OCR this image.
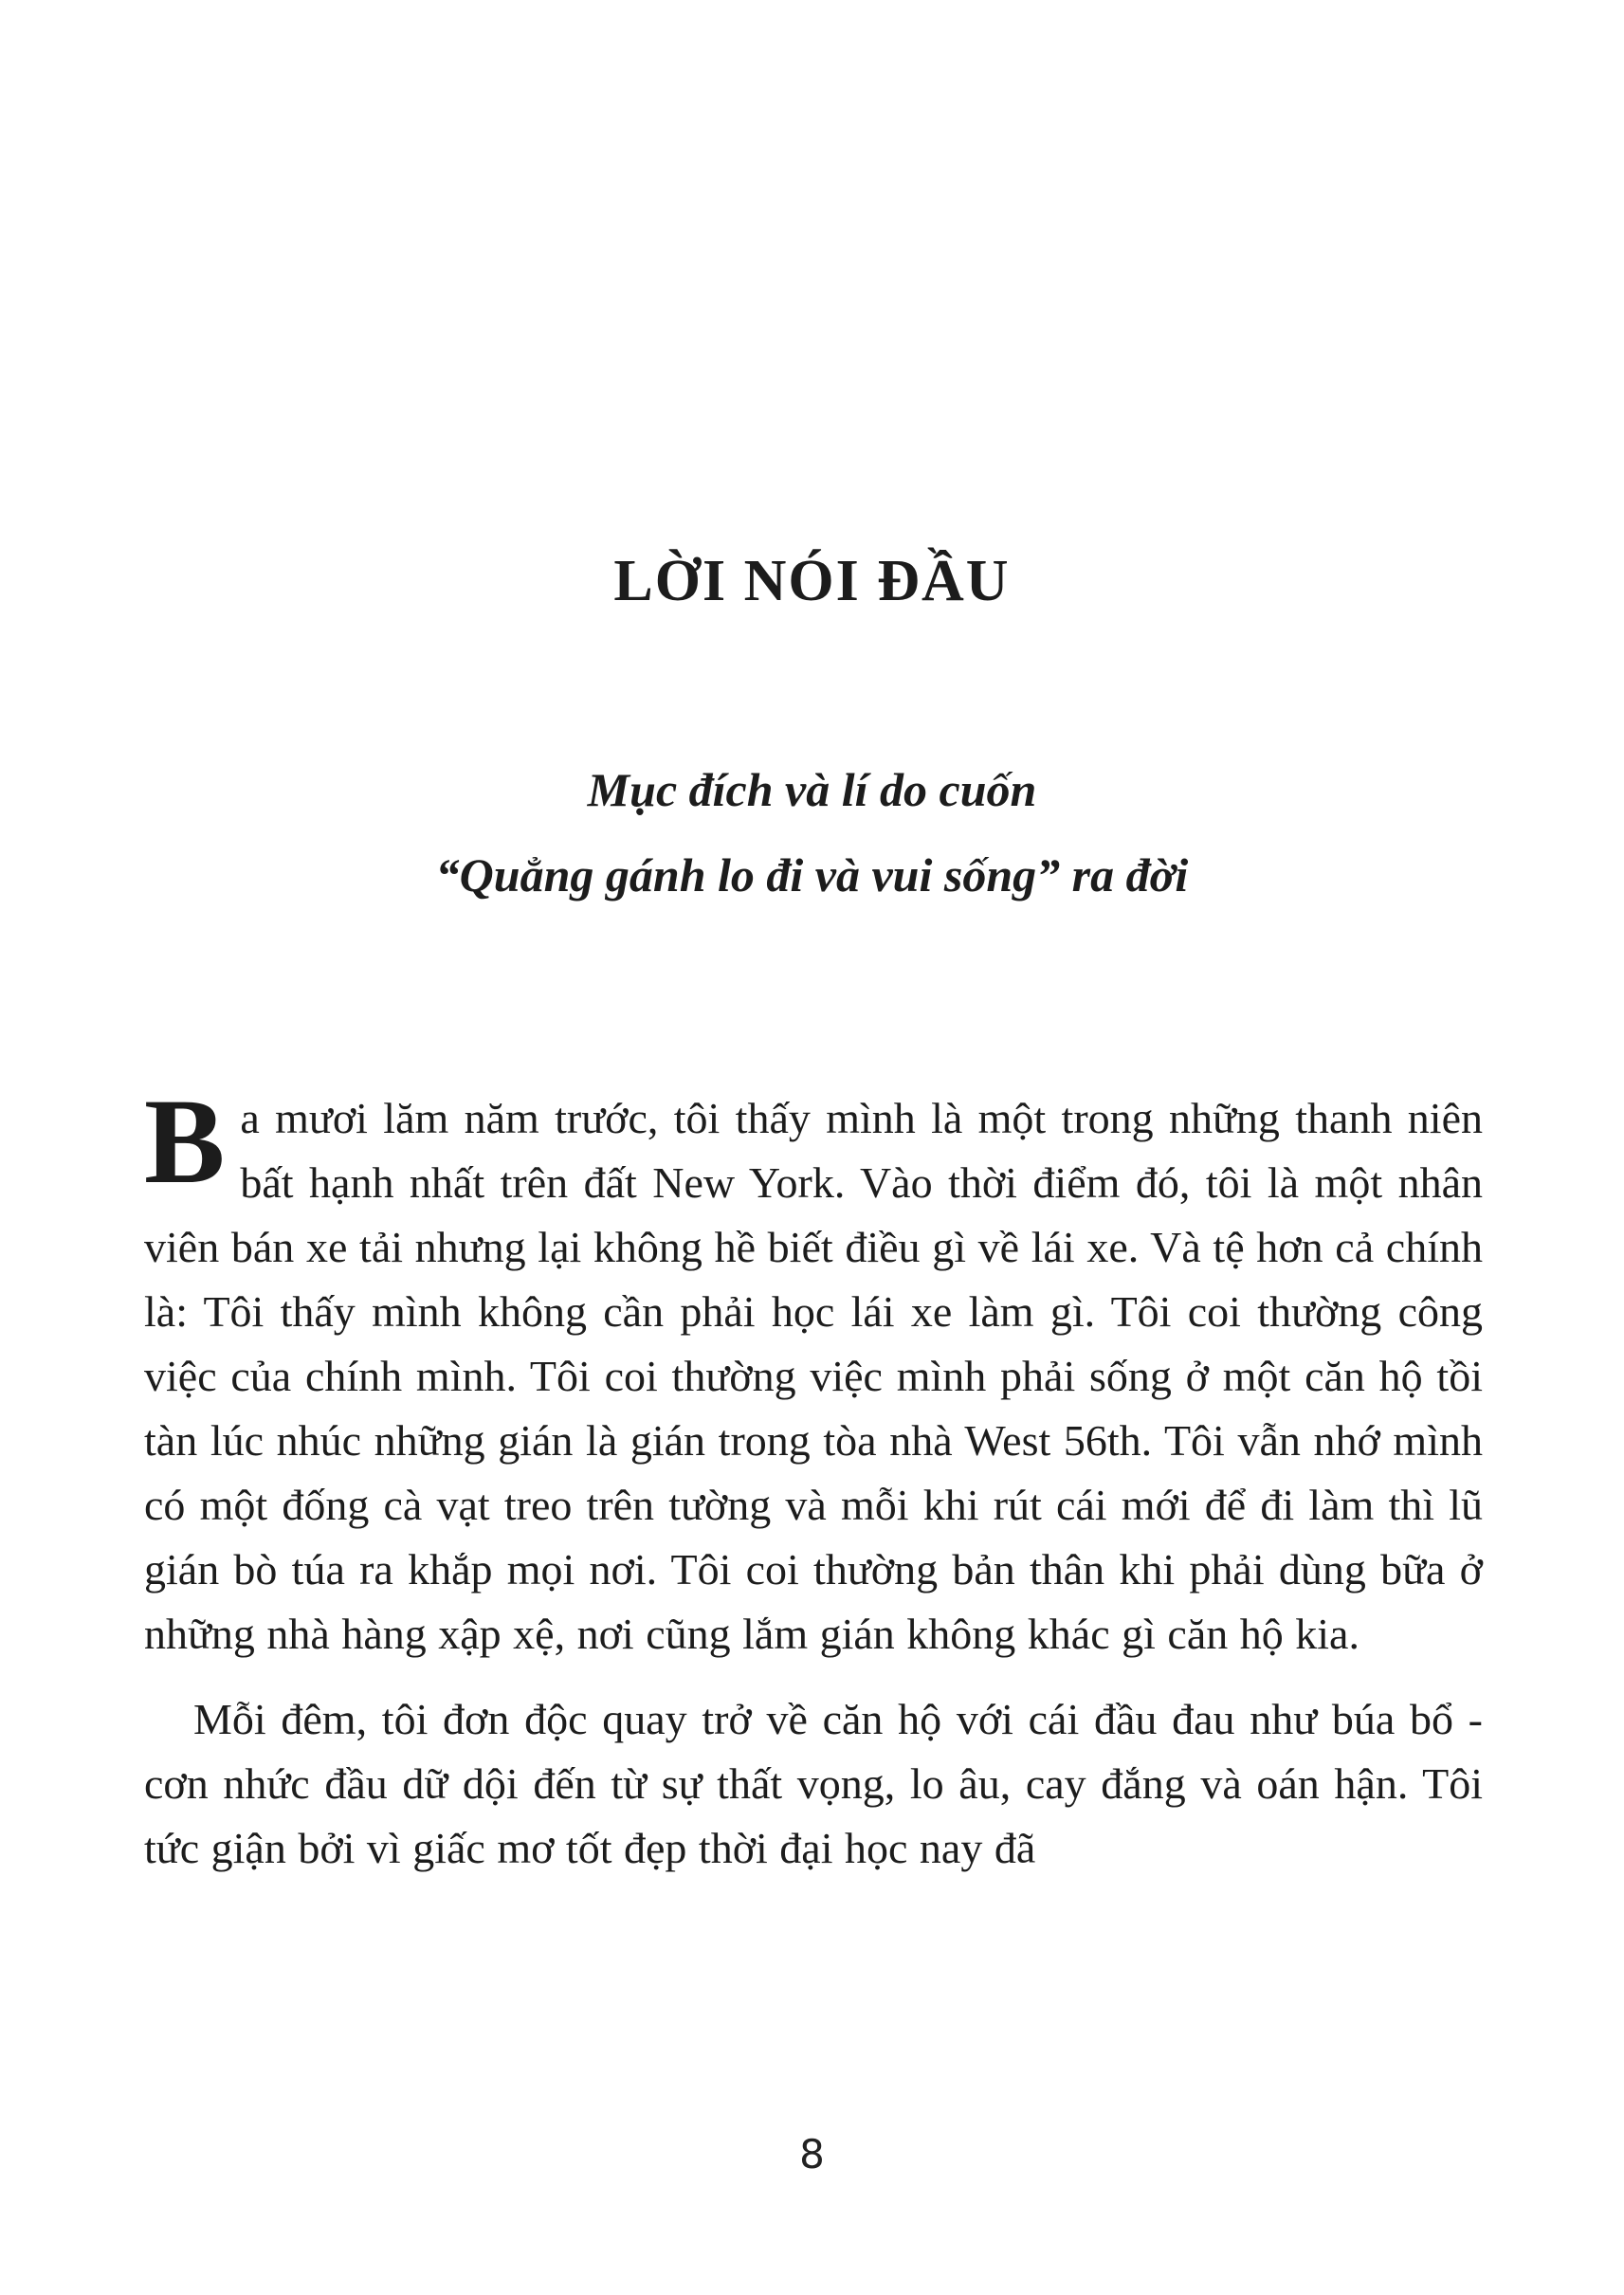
LỜI NÓI ĐẦU
Mục đích và lí do cuốn
“Quẳng gánh lo đi và vui sống” ra đời

Ba mươi lăm năm trước, tôi thấy mình là một trong những thanh niên bất hạnh nhất trên đất New York. Vào thời điểm đó, tôi là một nhân viên bán xe tải nhưng lại không hề biết điều gì về lái xe. Và tệ hơn cả chính là: Tôi thấy mình không cần phải học lái xe làm gì. Tôi coi thường công việc của chính mình. Tôi coi thường việc mình phải sống ở một căn hộ tồi tàn lúc nhúc những gián là gián trong tòa nhà West 56th. Tôi vẫn nhớ mình có một đống cà vạt treo trên tường và mỗi khi rút cái mới để đi làm thì lũ gián bò túa ra khắp mọi nơi. Tôi coi thường bản thân khi phải dùng bữa ở những nhà hàng xập xệ, nơi cũng lắm gián không khác gì căn hộ kia.

Mỗi đêm, tôi đơn độc quay trở về căn hộ với cái đầu đau như búa bổ - cơn nhức đầu dữ dội đến từ sự thất vọng, lo âu, cay đắng và oán hận. Tôi tức giận bởi vì giấc mơ tốt đẹp thời đại học nay đã

8
